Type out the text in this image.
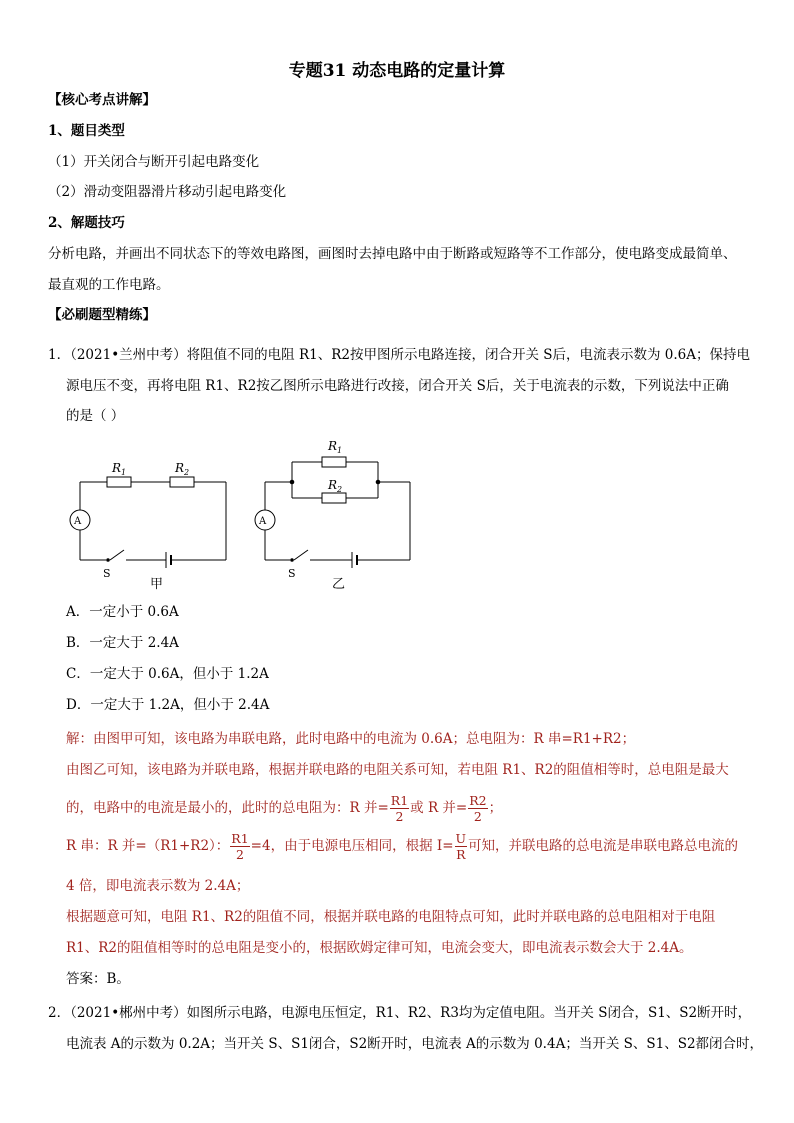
专题31 动态电路的定量计算
【核心考点讲解】
1、题目类型
（1）开关闭合与断开引起电路变化
（2）滑动变阻器滑片移动引起电路变化
2、解题技巧
分析电路，并画出不同状态下的等效电路图，画图时去掉电路中由于断路或短路等不工作部分，使电路变成最简单、
最直观的工作电路。
【必刷题型精练】
1．（2021•兰州中考）将阻值不同的电阻 R1、R2按甲图所示电路连接，闭合开关 S后，电流表示数为 0.6A；保持电
源电压不变，再将电阻 R1、R2按乙图所示电路进行改接，闭合开关 S后，关于电流表的示数，下列说法中正确
的是（ ）
A	A
$R_1$	$R_2$
$R_1$
$R_2$
S	S
甲	乙
A．一定小于 0.6A
B．一定大于 2.4A
C．一定大于 0.6A，但小于 1.2A
D．一定大于 1.2A，但小于 2.4A
解：由图甲可知，该电路为串联电路，此时电路中的电流为 0.6A；总电阻为：R 串=R1+R2；
由图乙可知，该电路为并联电路，根据并联电路的电阻关系可知，若电阻 R1、R2的阻值相等时，总电阻是最大
的，电路中的电流是最小的，此时的总电阻为：R 并= $\frac{R1}{2}$ 或 R 并= $\frac{R2}{2}$ ；
R 串：R 并=（R1+R2）： $\frac{R1}{2} =4$，由于电源电压相同，根据 $I= \frac{U}{R}$ 可知，并联电路的总电流是串联电路总电流的
4 倍，即电流表示数为 2.4A；
根据题意可知，电阻 R1、R2的阻值不同，根据并联电路的电阻特点可知，此时并联电路的总电阻相对于电阻
R1、R2的阻值相等时的总电阻是变小的，根据欧姆定律可知，电流会变大，即电流表示数会大于 2.4A。
答案：B。
2．（2021•郴州中考）如图所示电路，电源电压恒定，R1、R2、R3均为定值电阻。当开关 S闭合，S1、S2断开时，
电流表 A的示数为 0.2A；当开关 S、S1闭合，S2断开时，电流表 A的示数为 0.4A；当开关 S、S1、S2都闭合时，
